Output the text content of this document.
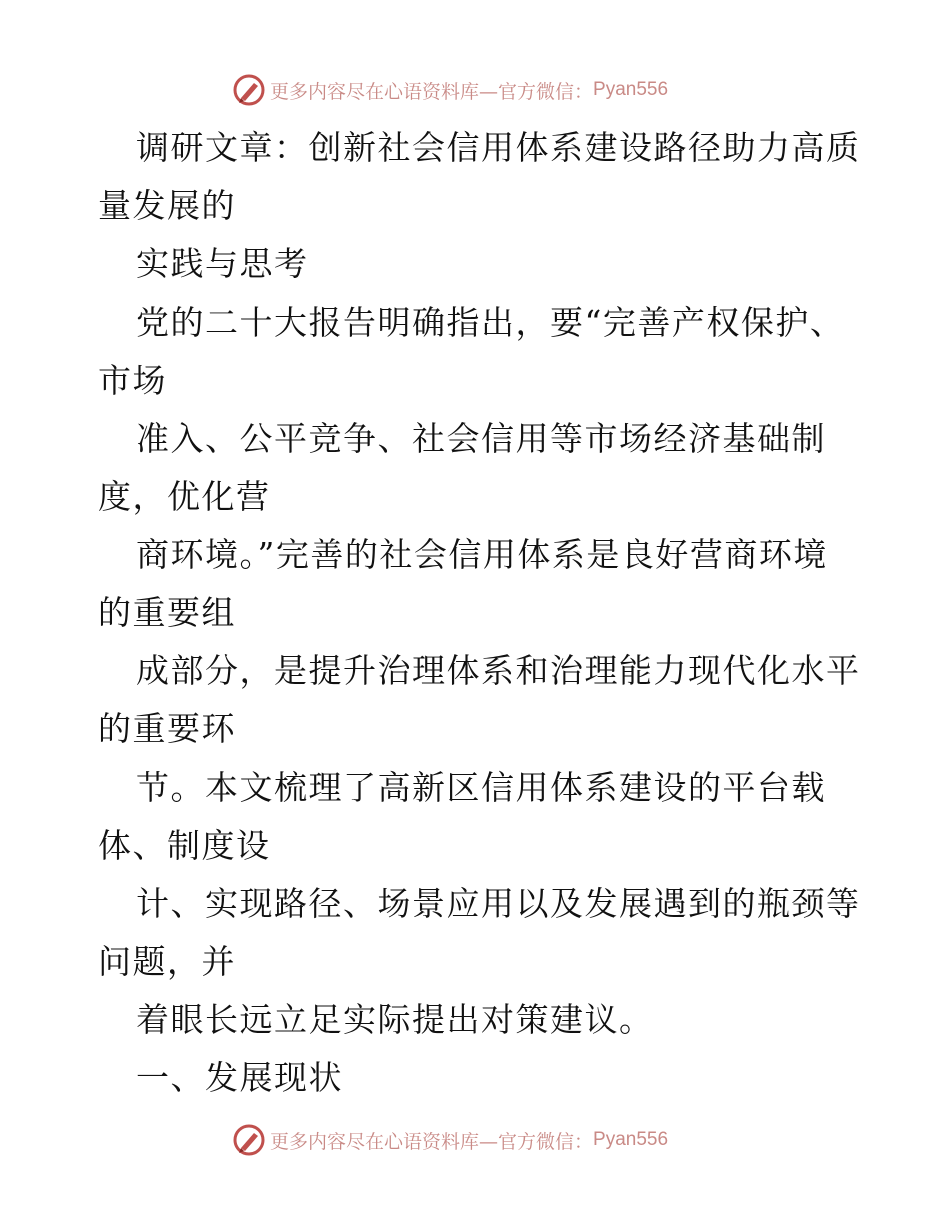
更多内容尽在心语资料库—官方微信： Pyan556
调研文章：创新社会信用体系建设路径助力高质
量发展的
实践与思考
党的二十大报告明确指出，要“完善产权保护、
市场
准入、公平竞争、社会信用等市场经济基础制
度，优化营
商环境。”完善的社会信用体系是良好营商环境
的重要组
成部分，是提升治理体系和治理能力现代化水平
的重要环
节。本文梳理了高新区信用体系建设的平台载
体、制度设
计、实现路径、场景应用以及发展遇到的瓶颈等
问题，并
着眼长远立足实际提出对策建议。
一、发展现状
更多内容尽在心语资料库—官方微信： Pyan556
